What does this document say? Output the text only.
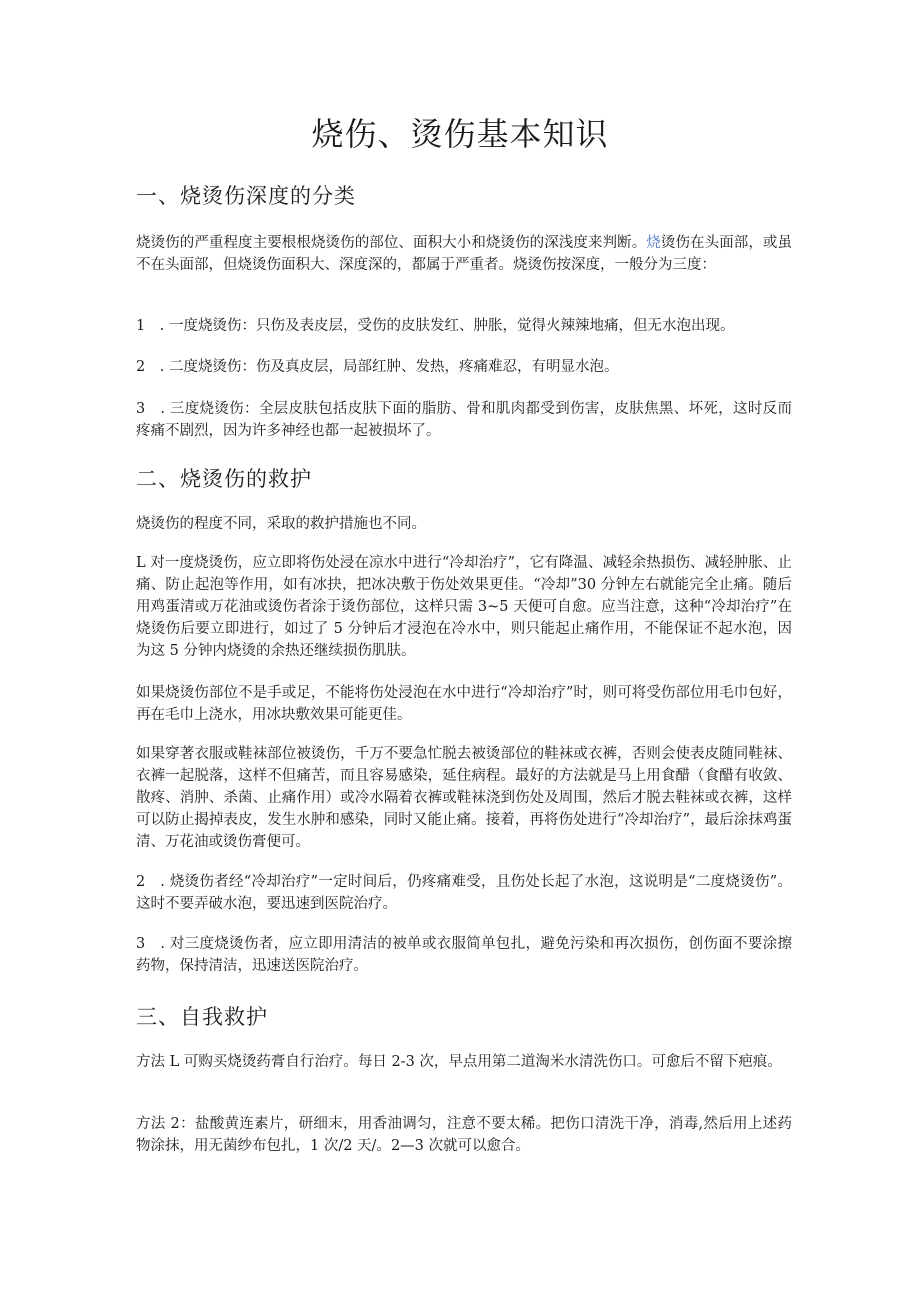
烧伤、烫伤基本知识
一、烧烫伤深度的分类
烧烫伤的严重程度主要根根烧烫伤的部位、面积大小和烧烫伤的深浅度来判断。烧烫伤在头面部，或虽不在头面部，但烧烫伤面积大、深度深的，都属于严重者。烧烫伤按深度，一般分为三度：
1　. 一度烧烫伤：只伤及表皮层，受伤的皮肤发红、肿胀，觉得火辣辣地痛，但无水泡出现。
2　. 二度烧烫伤：伤及真皮层，局部红肿、发热，疼痛难忍，有明显水泡。
3　. 三度烧烫伤：全层皮肤包括皮肤下面的脂肪、骨和肌肉都受到伤害，皮肤焦黑、坏死，这时反而疼痛不剧烈，因为许多神经也都一起被损坏了。
二、烧烫伤的救护
烧烫伤的程度不同，采取的救护措施也不同。
L 对一度烧烫伤，应立即将伤处浸在凉水中进行“冷却治疗”，它有降温、减轻余热损伤、减轻肿胀、止痛、防止起泡等作用，如有冰抉，把冰决敷于伤处效果更佳。“冷却”30 分钟左右就能完全止痛。随后用鸡蛋清或万花油或烫伤者涂于烫伤部位，这样只需 3~5 天便可自愈。应当注意，这种“冷却治疗”在烧烫伤后要立即进行，如过了 5 分钟后才浸泡在冷水中，则只能起止痛作用，不能保证不起水泡，因为这 5 分钟内烧烫的余热还继续损伤肌肤。
如果烧烫伤部位不是手或足，不能将伤处浸泡在水中进行“冷却治疗”时，则可将受伤部位用毛巾包好，再在毛巾上浇水，用冰块敷效果可能更佳。
如果穿著衣服或鞋袜部位被烫伤，千万不要急忙脱去被烫部位的鞋袜或衣裤，否则会使表皮随同鞋袜、衣裤一起脱落，这样不但痛苦，而且容易感染，延住病程。最好的方法就是马上用食醋（食醋有收敛、散疼、消肿、杀菌、止痛作用）或冷水隔着衣裤或鞋袜浇到伤处及周围，然后才脱去鞋袜或衣裤，这样可以防止揭掉表皮，发生水肿和感染，同时又能止痛。接着，再将伤处进行“冷却治疗”，最后涂抹鸡蛋清、万花油或烫伤膏便可。
2　. 烧烫伤者经“冷却治疗”一定时间后，仍疼痛难受，且伤处长起了水泡，这说明是“二度烧烫伤”。这时不要弄破水泡，要迅速到医院治疗。
3　. 对三度烧烫伤者，应立即用清洁的被单或衣服简单包扎，避免污染和再次损伤，创伤面不要涂擦药物，保持清洁，迅速送医院治疗。
三、自我救护
方法 L 可购买烧烫药膏自行治疗。每日 2-3 次，早点用第二道淘米水清洗伤口。可愈后不留下疤痕。
方法 2：盐酸黄连素片，研细末，用香油调匀，注意不要太稀。把伤口清洗干净，消毒,然后用上述药物涂抹，用无菌纱布包扎，1 次/2 天/。2—3 次就可以愈合。
